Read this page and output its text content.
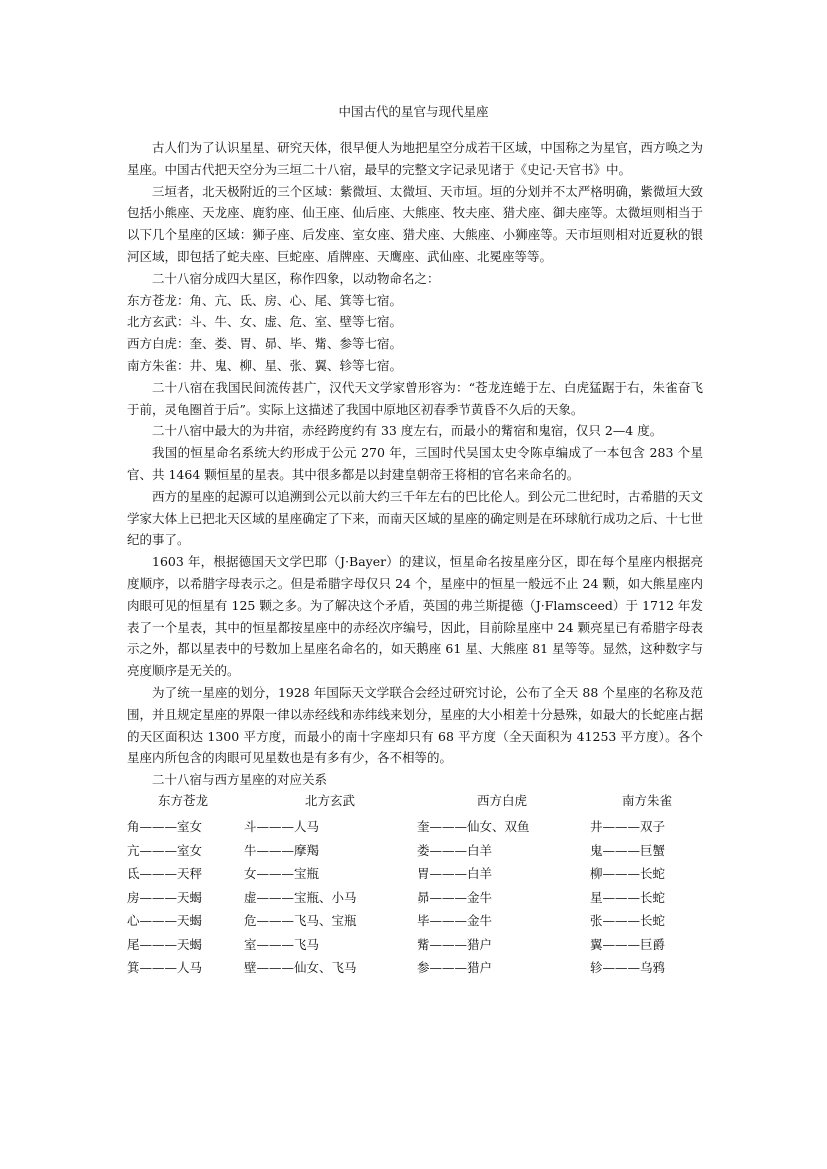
中国古代的星官与现代星座

古人们为了认识星星、研究天体，很早便人为地把星空分成若干区域，中国称之为星官，西方唤之为星座。中国古代把天空分为三垣二十八宿，最早的完整文字记录见诸于《史记·天官书》中。

三垣者，北天极附近的三个区域：紫微垣、太微垣、天市垣。垣的分划并不太严格明确，紫微垣大致包括小熊座、天龙座、鹿豹座、仙王座、仙后座、大熊座、牧夫座、猎犬座、御夫座等。太微垣则相当于以下几个星座的区域：狮子座、后发座、室女座、猎犬座、大熊座、小狮座等。天市垣则相对近夏秋的银河区域，即包括了蛇夫座、巨蛇座、盾牌座、天鹰座、武仙座、北冕座等等。

二十八宿分成四大星区，称作四象，以动物命名之：

东方苍龙：角、亢、氐、房、心、尾、箕等七宿。

北方玄武：斗、牛、女、虚、危、室、壁等七宿。

西方白虎：奎、娄、胃、昴、毕、觜、参等七宿。

南方朱雀：井、鬼、柳、星、张、翼、轸等七宿。

二十八宿在我国民间流传甚广，汉代天文学家曾形容为：“苍龙连蜷于左、白虎猛踞于右，朱雀奋飞于前，灵龟圈首于后”。实际上这描述了我国中原地区初春季节黄昏不久后的天象。

二十八宿中最大的为井宿，赤经跨度约有 33 度左右，而最小的觜宿和鬼宿，仅只 2—4 度。

我国的恒星命名系统大约形成于公元 270 年，三国时代吴国太史令陈卓编成了一本包含 283 个星官、共 1464 颗恒星的星表。其中很多都是以封建皇朝帝王将相的官名来命名的。

西方的星座的起源可以追溯到公元以前大约三千年左右的巴比伦人。到公元二世纪时，古希腊的天文学家大体上已把北天区域的星座确定了下来，而南天区域的星座的确定则是在环球航行成功之后、十七世纪的事了。

1603 年，根据德国天文学巴耶（J·Bayer）的建议，恒星命名按星座分区，即在每个星座内根据亮度顺序，以希腊字母表示之。但是希腊字母仅只 24 个，星座中的恒星一般远不止 24 颗，如大熊星座内肉眼可见的恒星有 125 颗之多。为了解决这个矛盾，英国的弗兰斯提德（J·Flamsceed）于 1712 年发表了一个星表，其中的恒星都按星座中的赤经次序编号，因此，目前除星座中 24 颗亮星已有希腊字母表示之外，都以星表中的号数加上星座名命名的，如天鹅座 61 星、大熊座 81 星等等。显然，这种数字与亮度顺序是无关的。

为了统一星座的划分，1928 年国际天文学联合会经过研究讨论，公布了全天 88 个星座的名称及范围，并且规定星座的界限一律以赤经线和赤纬线来划分，星座的大小相差十分悬殊，如最大的长蛇座占据的天区面积达 1300 平方度，而最小的南十字座却只有 68 平方度（全天面积为 41253 平方度）。各个星座内所包含的肉眼可见星数也是有多有少，各不相等的。

二十八宿与西方星座的对应关系

东方苍龙	北方玄武	西方白虎	南方朱雀
角———室女	斗———人马	奎———仙女、双鱼	井———双子
亢———室女	牛———摩羯	娄———白羊	鬼———巨蟹
氐———天秤	女———宝瓶	胃———白羊	柳———长蛇
房———天蝎	虚———宝瓶、小马	昴———金牛	星———长蛇
心———天蝎	危———飞马、宝瓶	毕———金牛	张———长蛇
尾———天蝎	室———飞马	觜———猎户	翼———巨爵
箕———人马	壁———仙女、飞马	参———猎户	轸———乌鸦
